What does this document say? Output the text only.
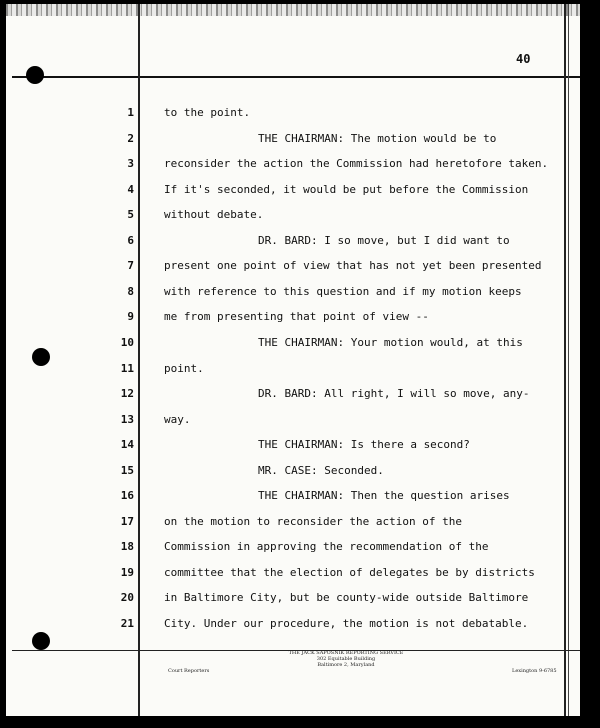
40
1	to the point.
2	THE CHAIRMAN: The motion would be to
3	reconsider the action the Commission had heretofore taken.
4	If it's seconded, it would be put before the Commission
5	without debate.
6	DR. BARD: I so move, but I did want to
7	present one point of view that has not yet been presented
8	with reference to this question and if my motion keeps
9	me from presenting that point of view --
10	THE CHAIRMAN: Your motion would, at this
11	point.
12	DR. BARD: All right, I will so move, any-
13	way.
14	THE CHAIRMAN: Is there a second?
15	MR. CASE: Seconded.
16	THE CHAIRMAN: Then the question arises
17	on the motion to reconsider the action of the
18	Commission in approving the recommendation of the
19	committee that the election of delegates be by districts
20	in Baltimore City, but be county-wide outside Baltimore
21	City. Under our procedure, the motion is not debatable.
THE JACK SAPOSNIK REPORTING SERVICE
302 Equitable Building
Baltimore 2, Maryland
Court Reporters	Lexington 9-6785
